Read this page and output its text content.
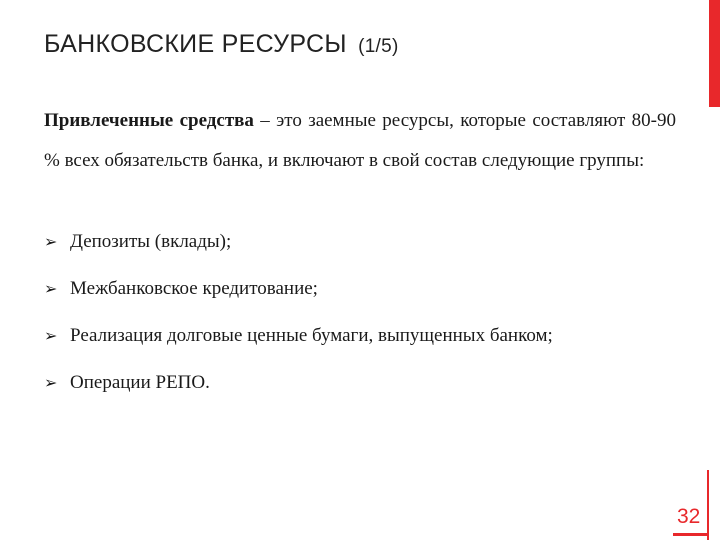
БАНКОВСКИЕ РЕСУРСЫ (1/5)
Привлеченные средства – это заемные ресурсы, которые составляют 80-90 % всех обязательств банка, и включают в свой состав следующие группы:
➢ Депозиты (вклады);
➢ Межбанковское кредитование;
➢ Реализация долговые ценные бумаги, выпущенных банком;
➢ Операции РЕПО.
32
